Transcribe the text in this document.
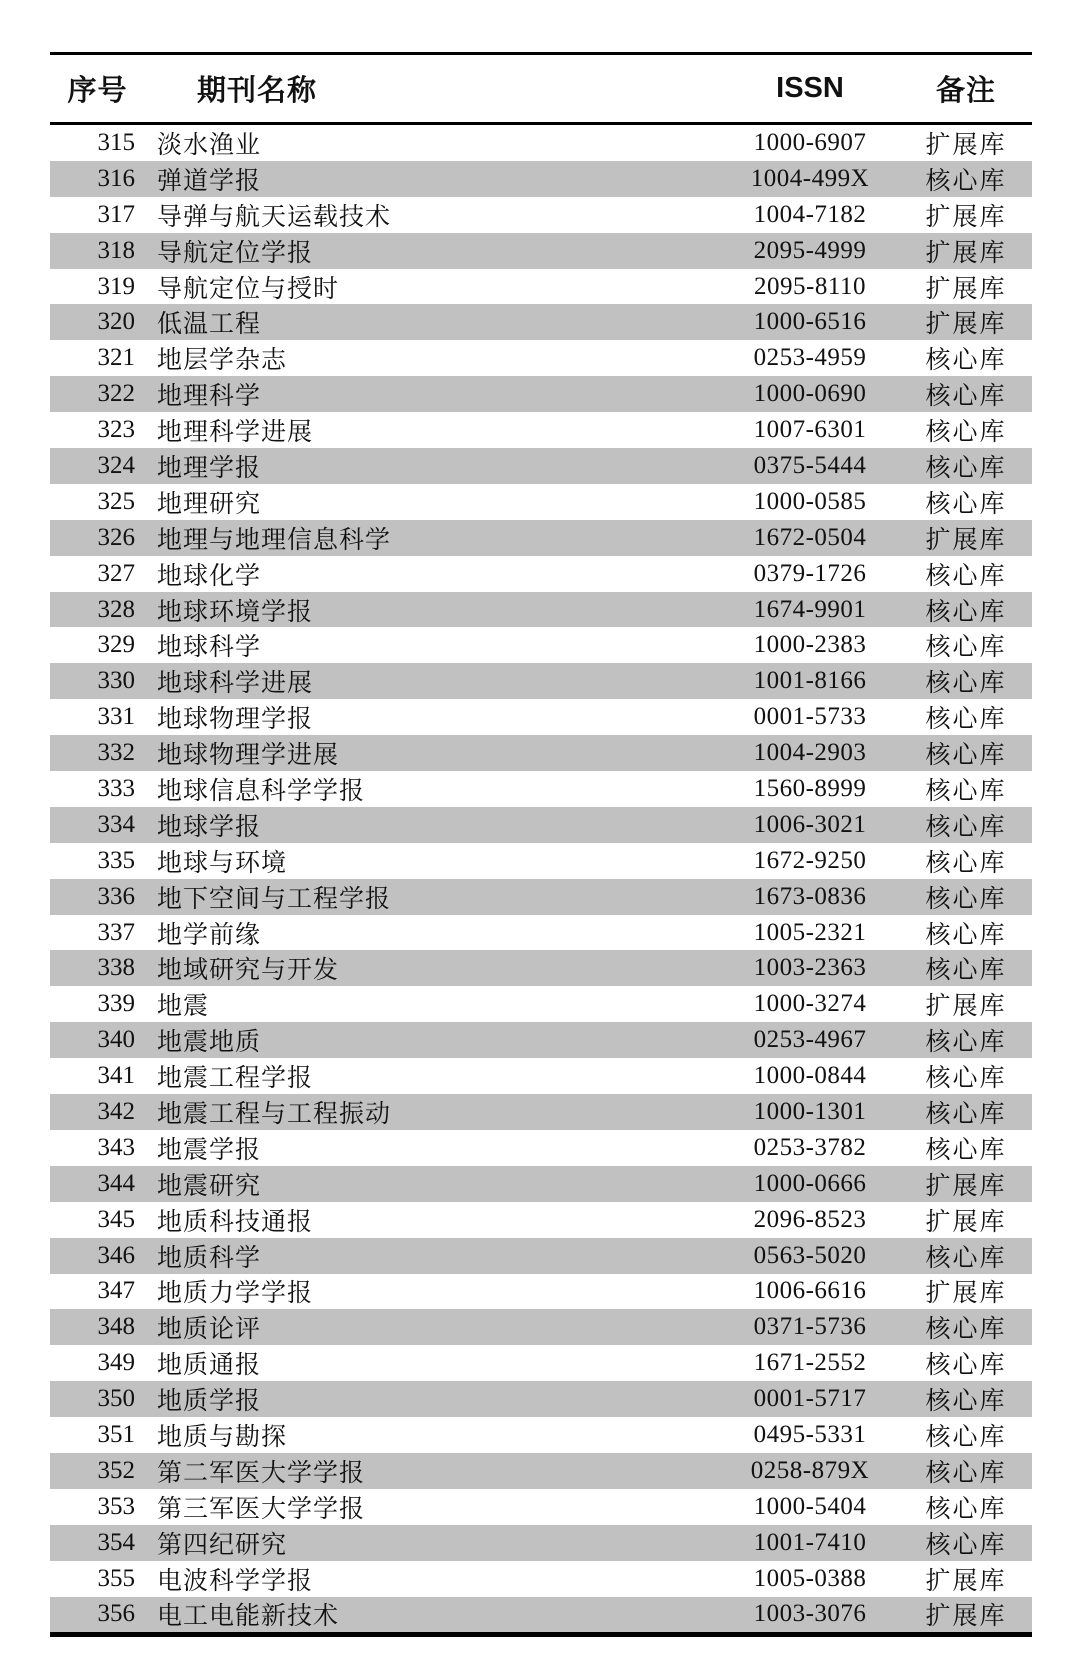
序号	期刊名称	ISSN	备注
315 淡水渔业	1000-6907	扩展库
316 弹道学报	1004-499X	核心库
317 导弹与航天运载技术	1004-7182	扩展库
318 导航定位学报	2095-4999	扩展库
319 导航定位与授时	2095-8110	扩展库
320 低温工程	1000-6516	扩展库
321 地层学杂志	0253-4959	核心库
322 地理科学	1000-0690	核心库
323 地理科学进展	1007-6301	核心库
324 地理学报	0375-5444	核心库
325 地理研究	1000-0585	核心库
326 地理与地理信息科学	1672-0504	扩展库
327 地球化学	0379-1726	核心库
328 地球环境学报	1674-9901	核心库
329 地球科学	1000-2383	核心库
330 地球科学进展	1001-8166	核心库
331 地球物理学报	0001-5733	核心库
332 地球物理学进展	1004-2903	核心库
333 地球信息科学学报	1560-8999	核心库
334 地球学报	1006-3021	核心库
335 地球与环境	1672-9250	核心库
336 地下空间与工程学报	1673-0836	核心库
337 地学前缘	1005-2321	核心库
338 地域研究与开发	1003-2363	核心库
339 地震	1000-3274	扩展库
340 地震地质	0253-4967	核心库
341 地震工程学报	1000-0844	核心库
342 地震工程与工程振动	1000-1301	核心库
343 地震学报	0253-3782	核心库
344 地震研究	1000-0666	扩展库
345 地质科技通报	2096-8523	扩展库
346 地质科学	0563-5020	核心库
347 地质力学学报	1006-6616	扩展库
348 地质论评	0371-5736	核心库
349 地质通报	1671-2552	核心库
350 地质学报	0001-5717	核心库
351 地质与勘探	0495-5331	核心库
352 第二军医大学学报	0258-879X	核心库
353 第三军医大学学报	1000-5404	核心库
354 第四纪研究	1001-7410	核心库
355 电波科学学报	1005-0388	扩展库
356 电工电能新技术	1003-3076	扩展库
